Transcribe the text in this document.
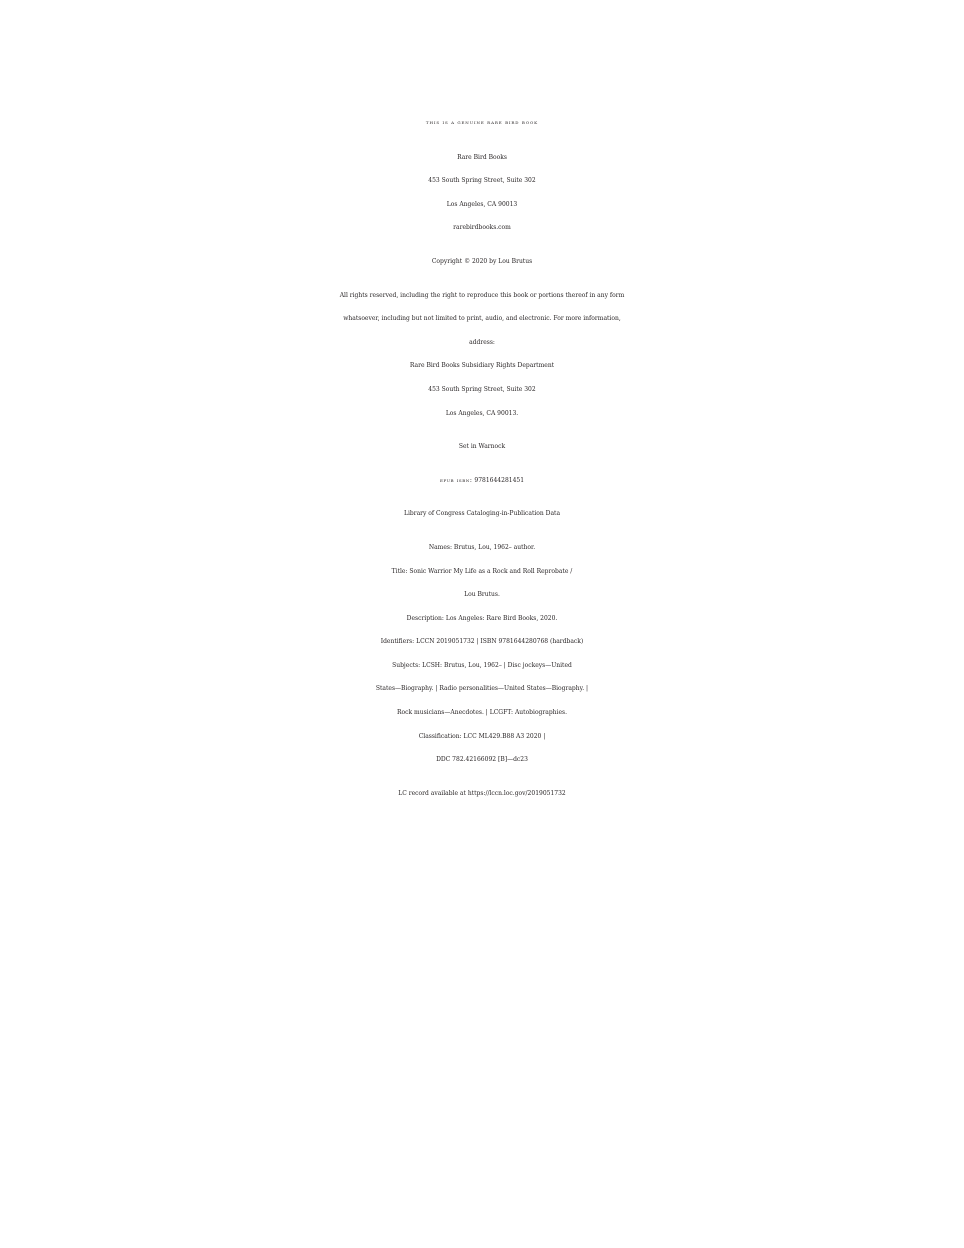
this is a genuine rare bird book
Rare Bird Books
453 South Spring Street, Suite 302
Los Angeles, CA 90013
rarebirdbooks.com
Copyright © 2020 by Lou Brutus
All rights reserved, including the right to reproduce this book or portions thereof in any form
whatsoever, including but not limited to print, audio, and electronic. For more information,
address:
Rare Bird Books Subsidiary Rights Department
453 South Spring Street, Suite 302
Los Angeles, CA 90013.
Set in Warnock
epub isbn: 9781644281451
Library of Congress Cataloging-in-Publication Data
Names: Brutus, Lou, 1962– author.
Title: Sonic Warrior My Life as a Rock and Roll Reprobate /
Lou Brutus.
Description: Los Angeles: Rare Bird Books, 2020.
Identifiers: LCCN 2019051732 | ISBN 9781644280768 (hardback)
Subjects: LCSH: Brutus, Lou, 1962– | Disc jockeys—United
States—Biography. | Radio personalities—United States—Biography. |
Rock musicians—Anecdotes. | LCGFT: Autobiographies.
Classification: LCC ML429.B88 A3 2020 |
DDC 782.42166092 [B]—dc23
LC record available at https://lccn.loc.gov/2019051732
